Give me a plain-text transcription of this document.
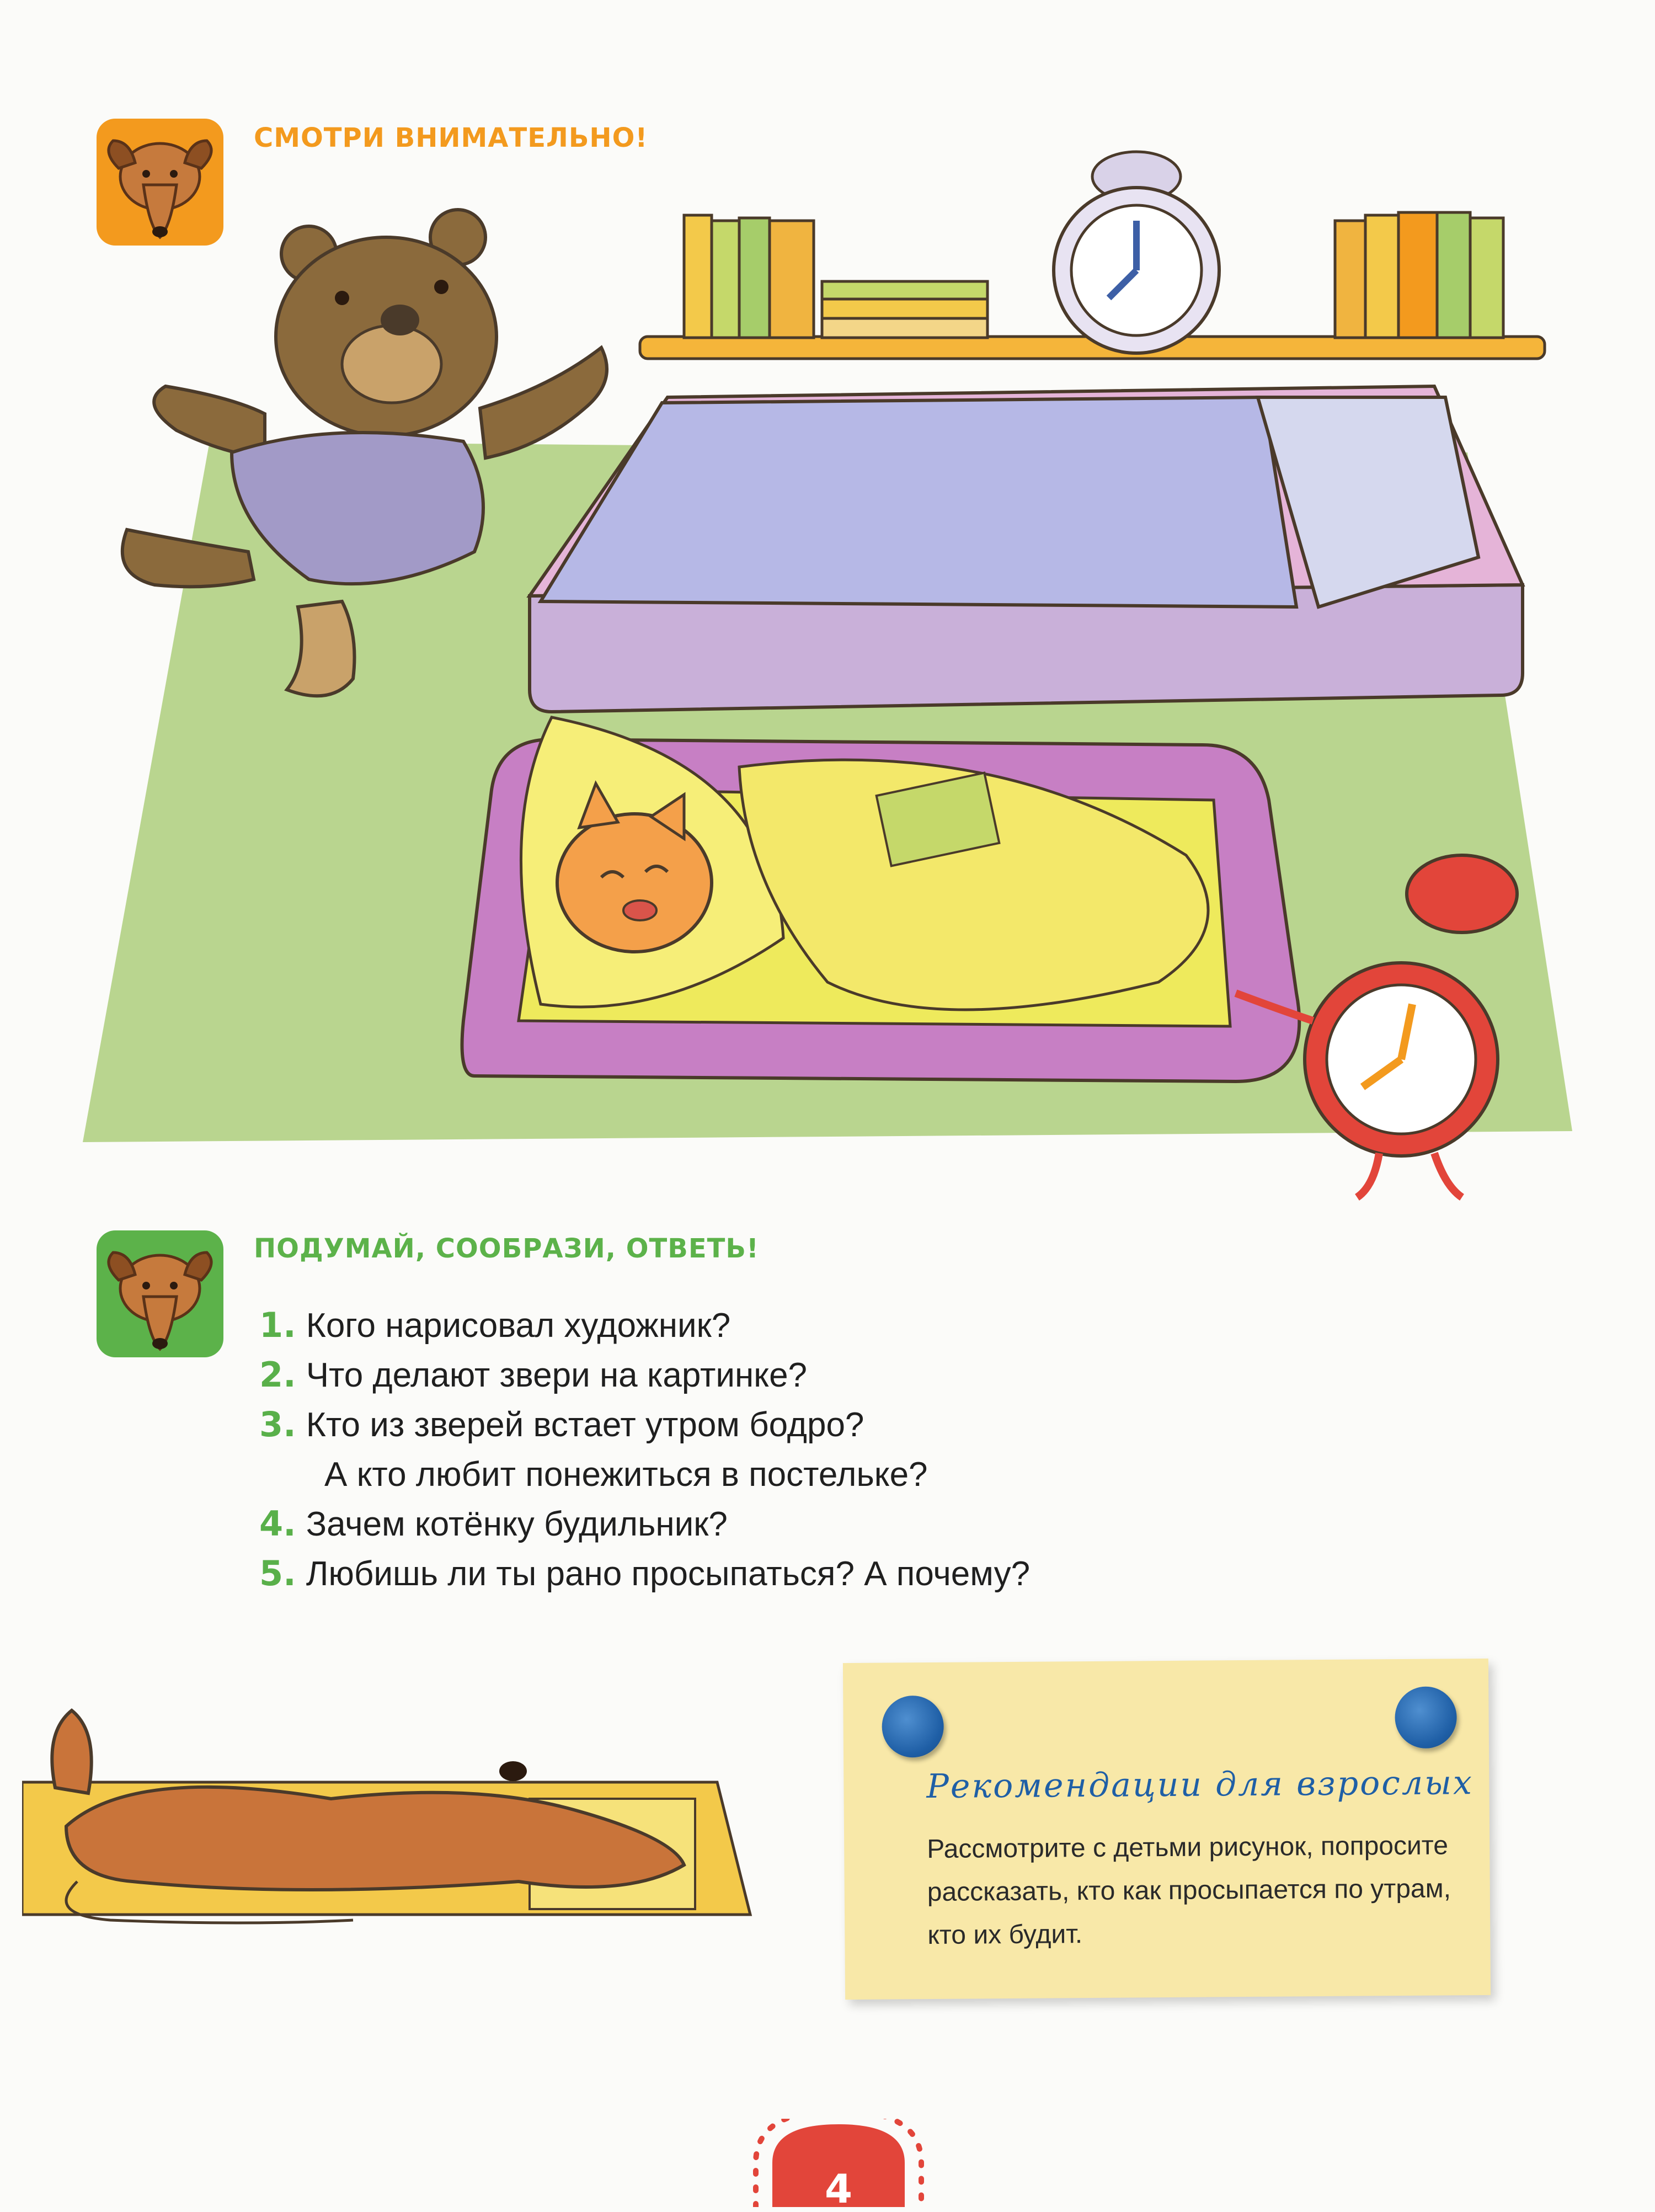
СМОТРИ ВНИМАТЕЛЬНО!
ПОДУМАЙ, СООБРАЗИ, ОТВЕТЬ!
1. Кого нарисовал художник?
2. Что делают звери на картинке?
3. Кто из зверей встает утром бодро?
А кто любит понежиться в постельке?
4. Зачем котёнку будильник?
5. Любишь ли ты рано просыпаться? А почему?
Рекомендации для взрослых
Рассмотрите с детьми рисунок, попросите рассказать, кто как просыпается по утрам, кто их будит.
4
